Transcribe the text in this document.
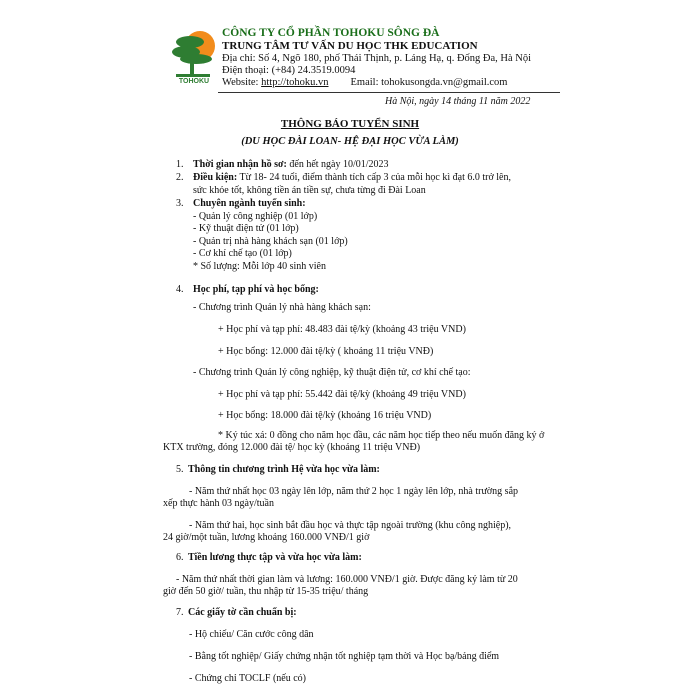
TOHOKU
CÔNG TY CỔ PHẦN TOHOKU SÔNG ĐÀ
TRUNG TÂM TƯ VẤN DU HỌC THK EDUCATION
Địa chỉ: Số 4, Ngõ 180, phố Thái Thịnh, p. Láng Hạ, q. Đống Đa, Hà Nội
Điện thoại: (+84) 24.3519.0094
Website: http://tohoku.vn Email: tohokusongda.vn@gmail.com
Hà Nội, ngày 14 tháng 11 năm 2022
THÔNG BÁO TUYỂN SINH
(DU HỌC ĐÀI LOAN- HỆ ĐẠI HỌC VỪA LÀM)
1. Thời gian nhận hồ sơ: đến hết ngày 10/01/2023
2. Điều kiện: Từ 18- 24 tuổi, điểm thành tích cấp 3 của mỗi học kì đạt 6.0 trở lên,
sức khỏe tốt, không tiền án tiền sự, chưa từng đi Đài Loan
3. Chuyên ngành tuyển sinh:
- Quản lý công nghiệp (01 lớp)
- Kỹ thuật điện tử (01 lớp)
- Quản trị nhà hàng khách sạn (01 lớp)
- Cơ khí chế tạo (01 lớp)
* Số lượng: Mỗi lớp 40 sinh viên
4. Học phí, tạp phí và học bổng:
- Chương trình Quản lý nhà hàng khách sạn:
+ Học phí và tạp phí: 48.483 đài tệ/kỳ (khoảng 43 triệu VND)
+ Học bổng: 12.000 đài tệ/kỳ ( khoảng 11 triệu VNĐ)
- Chương trình Quản lý công nghiệp, kỹ thuật điện tử, cơ khí chế tạo:
+ Học phí và tạp phí: 55.442 đài tệ/kỳ (khoảng 49 triệu VND)
+ Học bổng: 18.000 đài tệ/kỳ (khoảng 16 triệu VND)
* Ký túc xá: 0 đồng cho năm học đầu, các năm học tiếp theo nếu muốn đăng ký ở
KTX trường, đóng 12.000 đài tệ/ học kỳ (khoảng 11 triệu VNĐ)
5. Thông tin chương trình Hệ vừa học vừa làm:
- Năm thứ nhất học 03 ngày lên lớp, năm thứ 2 học 1 ngày lên lớp, nhà trường sắp
xếp thực hành 03 ngày/tuần
- Năm thứ hai, học sinh bắt đầu học và thực tập ngoài trường (khu công nghiệp),
24 giờ/một tuần, lương khoảng 160.000 VNĐ/1 giờ
6. Tiền lương thực tập và vừa học vừa làm:
- Năm thứ nhất thời gian làm và lương: 160.000 VNĐ/1 giờ. Được đăng ký làm từ 20
giờ đến 50 giờ/ tuần, thu nhập từ 15-35 triệu/ tháng
7. Các giấy tờ cần chuẩn bị:
- Hộ chiếu/ Căn cước công dân
- Bằng tốt nghiệp/ Giấy chứng nhận tốt nghiệp tạm thời và Học bạ/bảng điểm
- Chứng chỉ TOCLF (nếu có)
